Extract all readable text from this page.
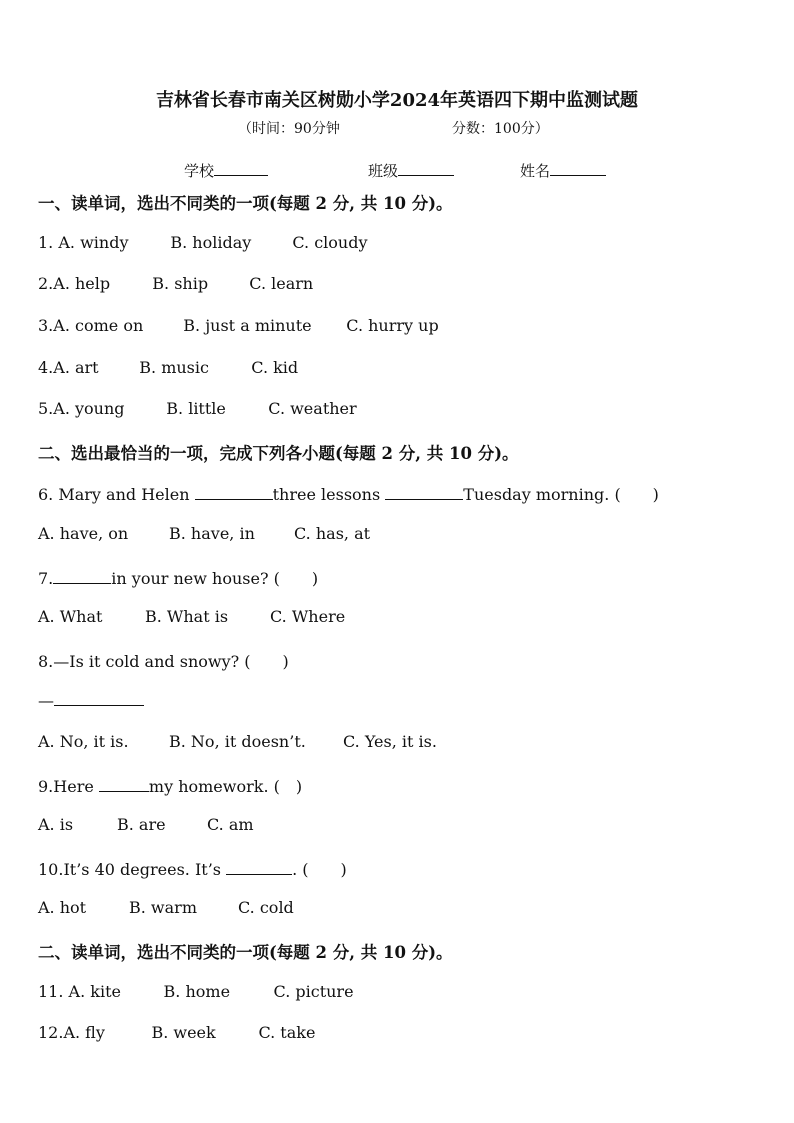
吉林省长春市南关区树勋小学2024年英语四下期中监测试题
（时间：90分钟	分数：100分）
学校	班级	姓名
一、读单词，选出不同类的一项(每题 2 分, 共 10 分)。
1. A. windy	B. holiday	C. cloudy
2.A. help	B. ship	C. learn
3.A. come on	B. just a minute C. hurry up
4.A. art	B. music	C. kid
5.A. young	B. little	C. weather
二、选出最恰当的一项，完成下列各小题(每题 2 分, 共 10 分)。
6. Mary and Helen	three lessons	Tuesday morning. (　　)
A. have, on	B. have, in C. has, at
7.	in your new house? (　　)
A. What	B. What is	C. Where
8.—Is it cold and snowy? (　　)
—
A. No, it is.	B. No, it doesn’t. C. Yes, it is.
9.Here	my homework. (　)
A. is	B. are	C. am
10.It’s 40 degrees. It’s	. (　　)
A. hot	B. warm	C. cold
二、读单词，选出不同类的一项(每题 2 分, 共 10 分)。
11. A. kite	B. home	C. picture
12.A. fly	B. week	C. take
